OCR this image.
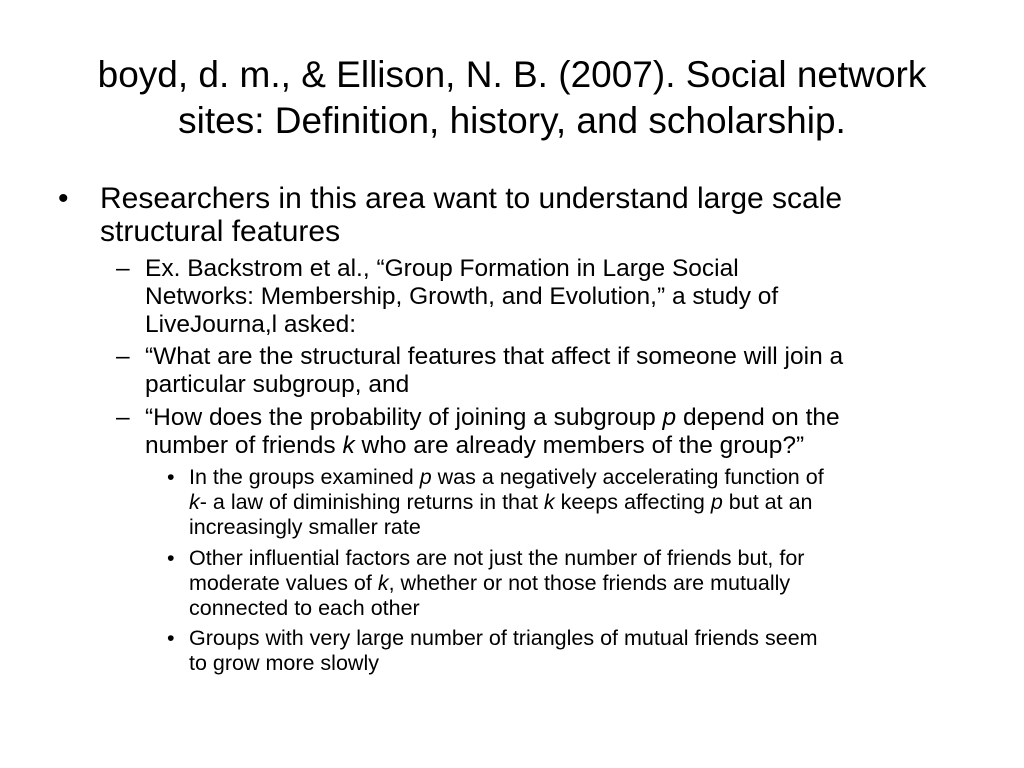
boyd, d. m., & Ellison, N. B. (2007). Social network
sites: Definition, history, and scholarship.
• Researchers in this area want to understand large scale
structural features
– Ex. Backstrom et al., “Group Formation in Large Social
Networks: Membership, Growth, and Evolution,” a study of
LiveJourna,l asked:
– “What are the structural features that affect if someone will join a
particular subgroup, and
– “How does the probability of joining a subgroup p depend on the
number of friends k who are already members of the group?”
• In the groups examined p was a negatively accelerating function of
k- a law of diminishing returns in that k keeps affecting p but at an
increasingly smaller rate
• Other influential factors are not just the number of friends but, for
moderate values of k, whether or not those friends are mutually
connected to each other
• Groups with very large number of triangles of mutual friends seem
to grow more slowly
